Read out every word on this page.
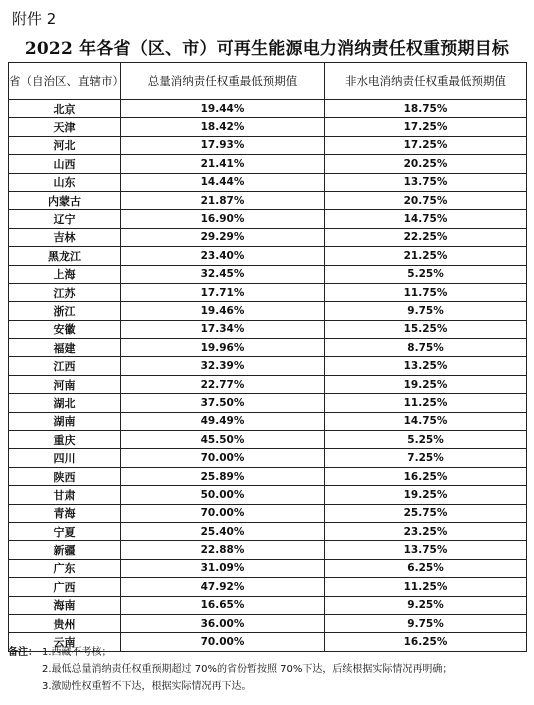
附件 2
2022 年各省（区、市）可再生能源电力消纳责任权重预期目标
省（自治区、直辖市）	总量消纳责任权重最低预期值	非水电消纳责任权重最低预期值
北京	19.44%	18.75%
天津	18.42%	17.25%
河北	17.93%	17.25%
山西	21.41%	20.25%
山东	14.44%	13.75%
内蒙古	21.87%	20.75%
辽宁	16.90%	14.75%
吉林	29.29%	22.25%
黑龙江	23.40%	21.25%
上海	32.45%	5.25%
江苏	17.71%	11.75%
浙江	19.46%	9.75%
安徽	17.34%	15.25%
福建	19.96%	8.75%
江西	32.39%	13.25%
河南	22.77%	19.25%
湖北	37.50%	11.25%
湖南	49.49%	14.75%
重庆	45.50%	5.25%
四川	70.00%	7.25%
陕西	25.89%	16.25%
甘肃	50.00%	19.25%
青海	70.00%	25.75%
宁夏	25.40%	23.25%
新疆	22.88%	13.75%
广东	31.09%	6.25%
广西	47.92%	11.25%
海南	16.65%	9.25%
贵州	36.00%	9.75%
云南	70.00%	16.25%
备注： 1.西藏不考核；
2.最低总量消纳责任权重预期超过 70%的省份暂按照 70%下达，后续根据实际情况再明确；
3.激励性权重暂不下达，根据实际情况再下达。
